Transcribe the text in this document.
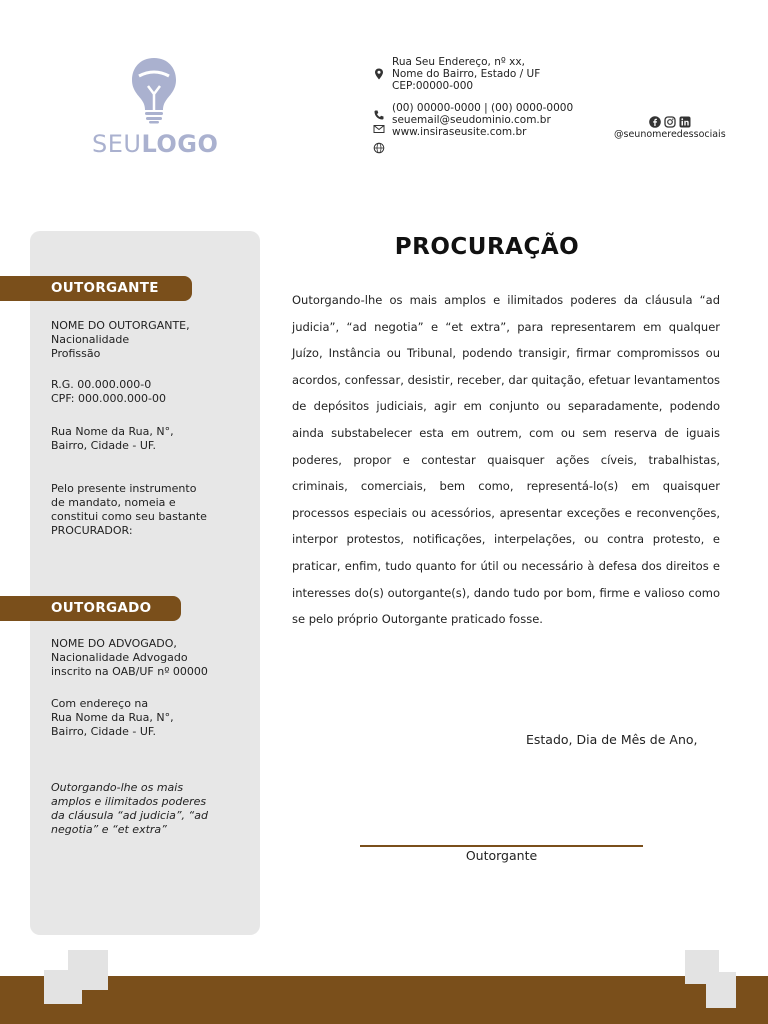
SEULOGO
Rua Seu Endereço, nº xx,
Nome do Bairro, Estado / UF
CEP:00000-000
(00) 00000-0000 | (00) 0000-0000
seuemail@seudominio.com.br
www.insiraseusite.com.br	@seunomeredessociais
OUTORGANTE
NOME DO OUTORGANTE,
Nacionalidade
Profissão
R.G. 00.000.000-0
CPF: 000.000.000-00
Rua Nome da Rua, N°,
Bairro, Cidade - UF.
Pelo presente instrumento
de mandato, nomeia e
constitui como seu bastante
PROCURADOR:
OUTORGADO
NOME DO ADVOGADO,
Nacionalidade Advogado
inscrito na OAB/UF nº 00000
Com endereço na
Rua Nome da Rua, N°,
Bairro, Cidade - UF.
Outorgando-lhe os mais
amplos e ilimitados poderes
da cláusula “ad judicia”, “ad
negotia” e “et extra”
PROCURAÇÃO
Outorgando-lhe os mais amplos e ilimitados poderes da cláusula “ad judicia”, “ad negotia” e “et extra”, para representarem em qualquer Juízo, Instância ou Tribunal, podendo transigir, firmar compromissos ou acordos, confessar, desistir, receber, dar quitação, efetuar levantamentos de depósitos judiciais, agir em conjunto ou separadamente, podendo ainda substabelecer esta em outrem, com ou sem reserva de iguais poderes, propor e contestar quaisquer ações cíveis, trabalhistas, criminais, comerciais, bem como, representá-lo(s) em quaisquer processos especiais ou acessórios, apresentar exceções e reconvenções, interpor protestos, notificações, interpelações, ou contra protesto, e praticar, enfim, tudo quanto for útil ou necessário à defesa dos direitos e interesses do(s) outorgante(s), dando tudo por bom, firme e valioso como se pelo próprio Outorgante praticado fosse.
Estado, Dia de Mês de Ano,
Outorgante
